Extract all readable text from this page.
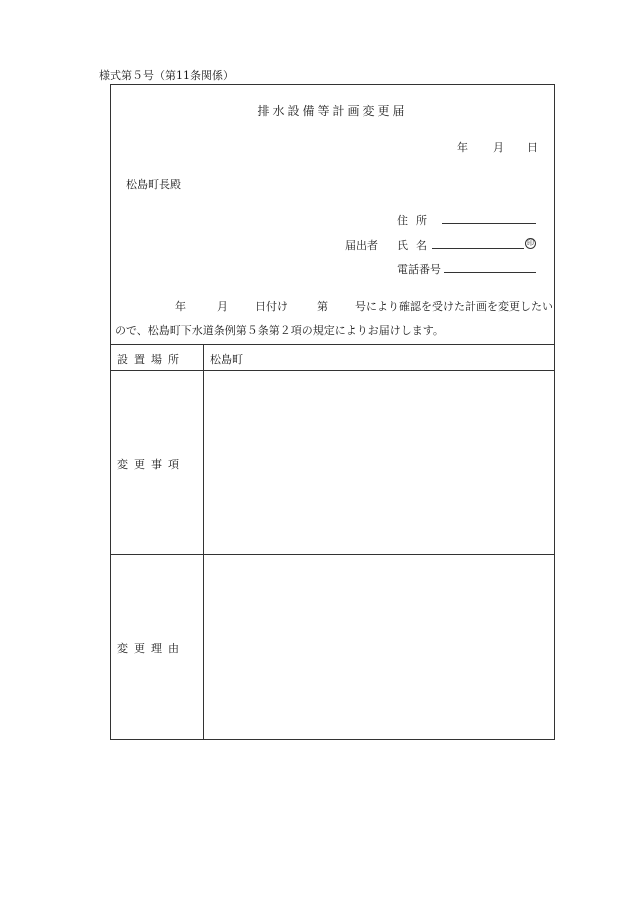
様式第５号（第11条関係）
排水設備等計画変更届
年 月 日
松島町長殿
住所
届出者 氏名	印
電話番号
年	月 日付け	第 号により確認を受けた計画を変更したい
ので、松島町下水道条例第５条第２項の規定によりお届けします。
設置場所 松島町
変更事項
変更理由
